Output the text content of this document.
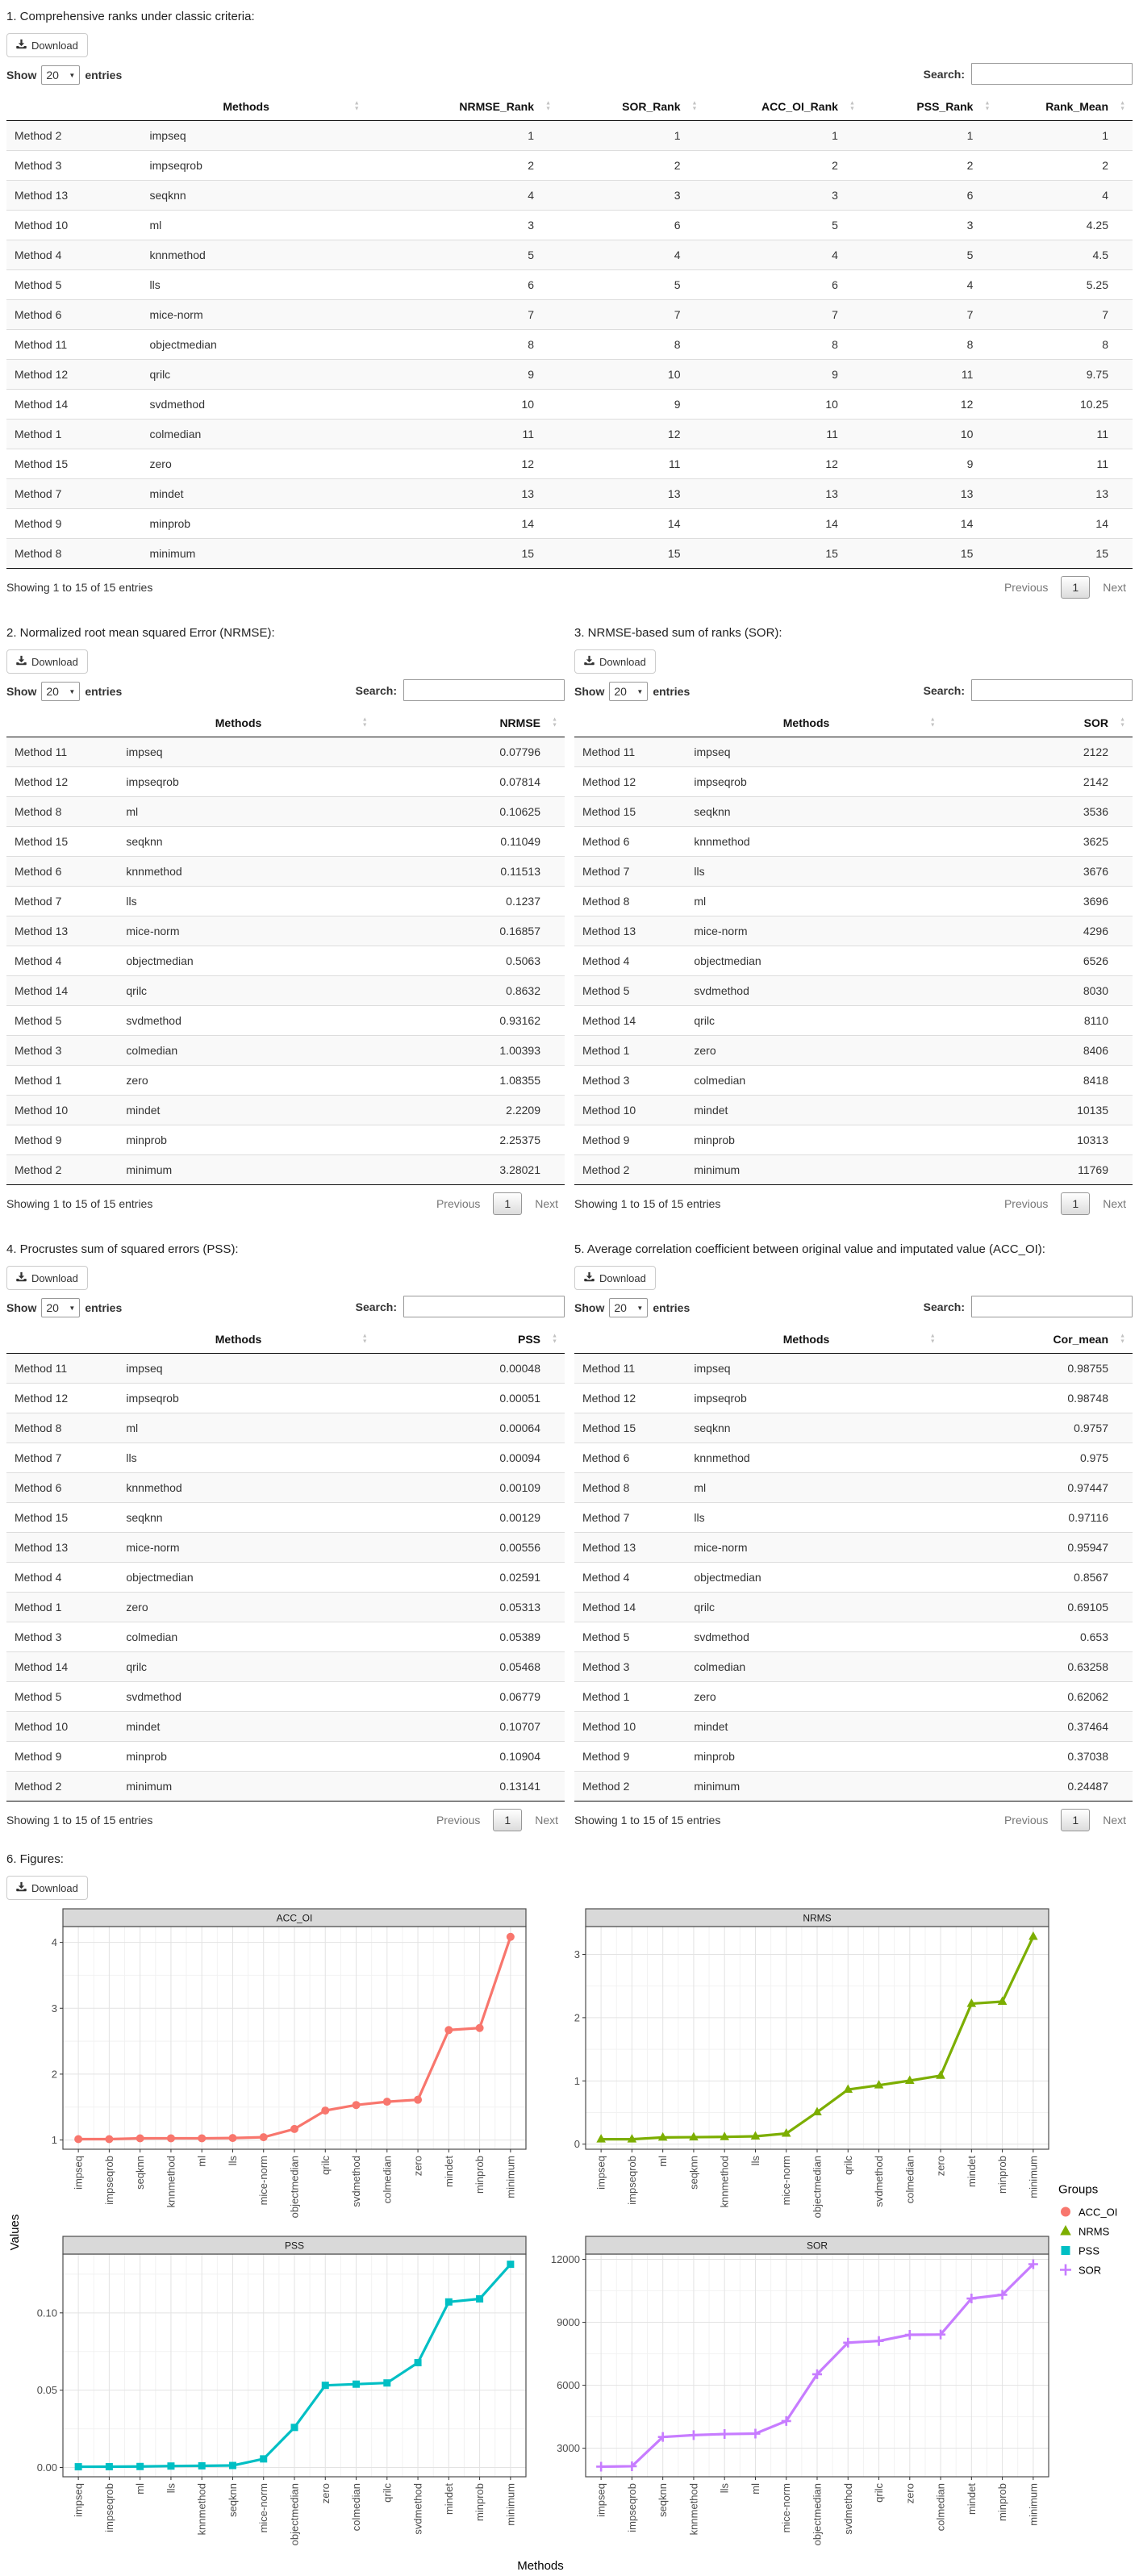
1. Comprehensive ranks under classic criteria:
Download
Show 20 ▼ entries	Search:
	Methods ▲
▼	NRMSE_Rank ▲
▼	SOR_Rank ▲
▼	ACC_OI_Rank ▲
▼	PSS_Rank ▲
▼	Rank_Mean ▲
▼

Method 2	impseq	1	1	1	1	1
Method 3	impseqrob	2	2	2	2	2
Method 13	seqknn	4	3	3	6	4
Method 10	ml	3	6	5	3	4.25
Method 4	knnmethod	5	4	4	5	4.5
Method 5	lls	6	5	6	4	5.25
Method 6	mice-norm	7	7	7	7	7
Method 11	objectmedian	8	8	8	8	8
Method 12	qrilc	9	10	9	11	9.75
Method 14	svdmethod	10	9	10	12	10.25
Method 1	colmedian	11	12	11	10	11
Method 15	zero	12	11	12	9	11
Method 7	mindet	13	13	13	13	13
Method 9	minprob	14	14	14	14	14
Method 8	minimum	15	15	15	15	15
Showing 1 to 15 of 15 entries	Previous	1	Next
2. Normalized root mean squared Error (NRMSE):
Download
Show 20 ▼ entries	Search:
	Methods ▲
▼	NRMSE ▲
▼

Method 11	impseq	0.07796
Method 12	impseqrob	0.07814
Method 8	ml	0.10625
Method 15	seqknn	0.11049
Method 6	knnmethod	0.11513
Method 7	lls	0.1237
Method 13	mice-norm	0.16857
Method 4	objectmedian	0.5063
Method 14	qrilc	0.8632
Method 5	svdmethod	0.93162
Method 3	colmedian	1.00393
Method 1	zero	1.08355
Method 10	mindet	2.2209
Method 9	minprob	2.25375
Method 2	minimum	3.28021
Showing 1 to 15 of 15 entries	Previous	1	Next
3. NRMSE-based sum of ranks (SOR):
Download
Show 20 ▼ entries	Search:
	Methods ▲
▼	SOR ▲
▼

Method 11	impseq	2122
Method 12	impseqrob	2142
Method 15	seqknn	3536
Method 6	knnmethod	3625
Method 7	lls	3676
Method 8	ml	3696
Method 13	mice-norm	4296
Method 4	objectmedian	6526
Method 5	svdmethod	8030
Method 14	qrilc	8110
Method 1	zero	8406
Method 3	colmedian	8418
Method 10	mindet	10135
Method 9	minprob	10313
Method 2	minimum	11769
Showing 1 to 15 of 15 entries	Previous	1	Next
4. Procrustes sum of squared errors (PSS):
Download
Show 20 ▼ entries	Search:
	Methods ▲
▼	PSS ▲
▼

Method 11	impseq	0.00048
Method 12	impseqrob	0.00051
Method 8	ml	0.00064
Method 7	lls	0.00094
Method 6	knnmethod	0.00109
Method 15	seqknn	0.00129
Method 13	mice-norm	0.00556
Method 4	objectmedian	0.02591
Method 1	zero	0.05313
Method 3	colmedian	0.05389
Method 14	qrilc	0.05468
Method 5	svdmethod	0.06779
Method 10	mindet	0.10707
Method 9	minprob	0.10904
Method 2	minimum	0.13141
Showing 1 to 15 of 15 entries	Previous	1	Next
5. Average correlation coefficient between original value and imputated value (ACC_OI):
Download
Show 20 ▼ entries	Search:
	Methods ▲
▼	Cor_mean ▲
▼

Method 11	impseq	0.98755
Method 12	impseqrob	0.98748
Method 15	seqknn	0.9757
Method 6	knnmethod	0.975
Method 8	ml	0.97447
Method 7	lls	0.97116
Method 13	mice-norm	0.95947
Method 4	objectmedian	0.8567
Method 14	qrilc	0.69105
Method 5	svdmethod	0.653
Method 3	colmedian	0.63258
Method 1	zero	0.62062
Method 10	mindet	0.37464
Method 9	minprob	0.37038
Method 2	minimum	0.24487
Showing 1 to 15 of 15 entries	Previous	1	Next
6. Figures:
Download
Values
ACC_OI
1
2
3
4
impseq impseqrob seqknn knnmethod ml lls mice-norm objectmedian qrilc svdmethod colmedian zero mindet minprob minimum
NRMS
0
1
2
3
impseq impseqrob ml seqknn knnmethod lls mice-norm objectmedian qrilc svdmethod colmedian zero mindet minprob minimum
PSS
0.00
0.05
0.10
impseq impseqrob ml lls knnmethod seqknn mice-norm objectmedian zero colmedian qrilc svdmethod mindet minprob minimum
SOR
3000
6000
9000
12000
impseq impseqrob seqknn knnmethod lls ml mice-norm objectmedian svdmethod qrilc zero colmedian mindet minprob minimum
Groups
ACC_OI
NRMS
PSS
SOR
Methods
